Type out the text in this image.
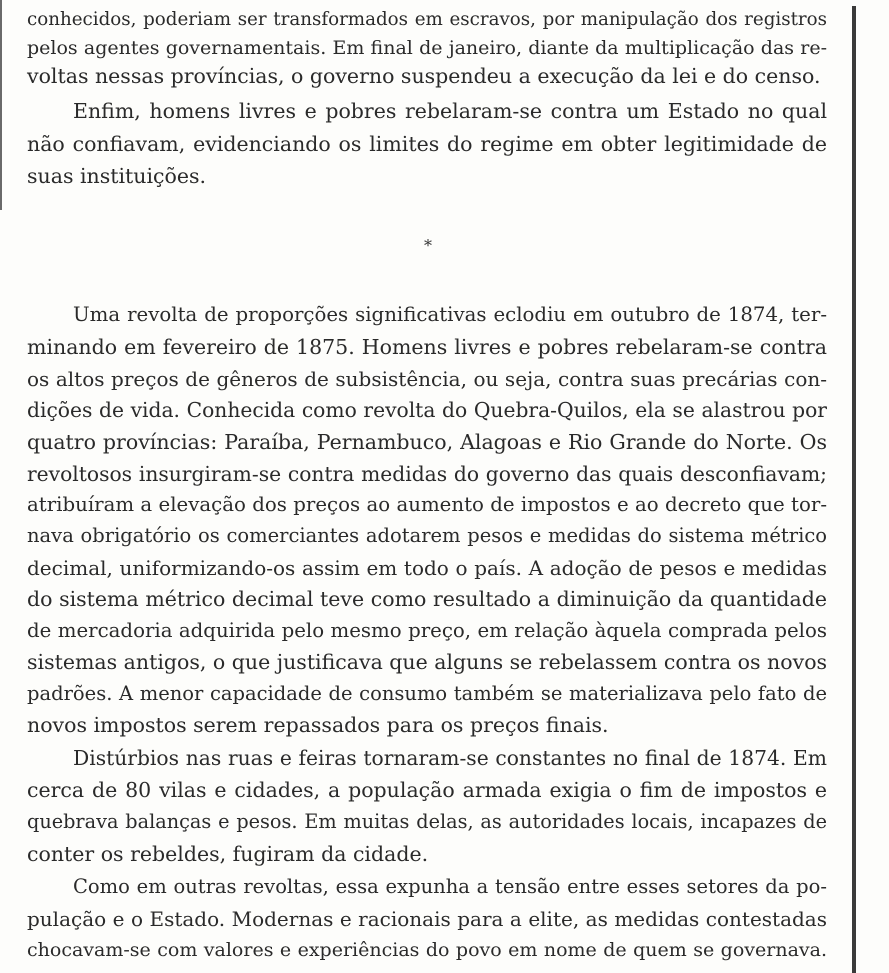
conhecidos, poderiam ser transformados em escravos, por manipulação dos registros
pelos agentes governamentais. Em final de janeiro, diante da multiplicação das re-
voltas nessas províncias, o governo suspendeu a execução da lei e do censo.
Enfim, homens livres e pobres rebelaram-se contra um Estado no qual
não confiavam, evidenciando os limites do regime em obter legitimidade de
suas instituições.
*
Uma revolta de proporções significativas eclodiu em outubro de 1874, ter-
minando em fevereiro de 1875. Homens livres e pobres rebelaram-se contra
os altos preços de gêneros de subsistência, ou seja, contra suas precárias con-
dições de vida. Conhecida como revolta do Quebra-Quilos, ela se alastrou por
quatro províncias: Paraíba, Pernambuco, Alagoas e Rio Grande do Norte. Os
revoltosos insurgiram-se contra medidas do governo das quais desconfiavam;
atribuíram a elevação dos preços ao aumento de impostos e ao decreto que tor-
nava obrigatório os comerciantes adotarem pesos e medidas do sistema métrico
decimal, uniformizando-os assim em todo o país. A adoção de pesos e medidas
do sistema métrico decimal teve como resultado a diminuição da quantidade
de mercadoria adquirida pelo mesmo preço, em relação àquela comprada pelos
sistemas antigos, o que justificava que alguns se rebelassem contra os novos
padrões. A menor capacidade de consumo também se materializava pelo fato de
novos impostos serem repassados para os preços finais.
Distúrbios nas ruas e feiras tornaram-se constantes no final de 1874. Em
cerca de 80 vilas e cidades, a população armada exigia o fim de impostos e
quebrava balanças e pesos. Em muitas delas, as autoridades locais, incapazes de
conter os rebeldes, fugiram da cidade.
Como em outras revoltas, essa expunha a tensão entre esses setores da po-
pulação e o Estado. Modernas e racionais para a elite, as medidas contestadas
chocavam-se com valores e experiências do povo em nome de quem se governava.
